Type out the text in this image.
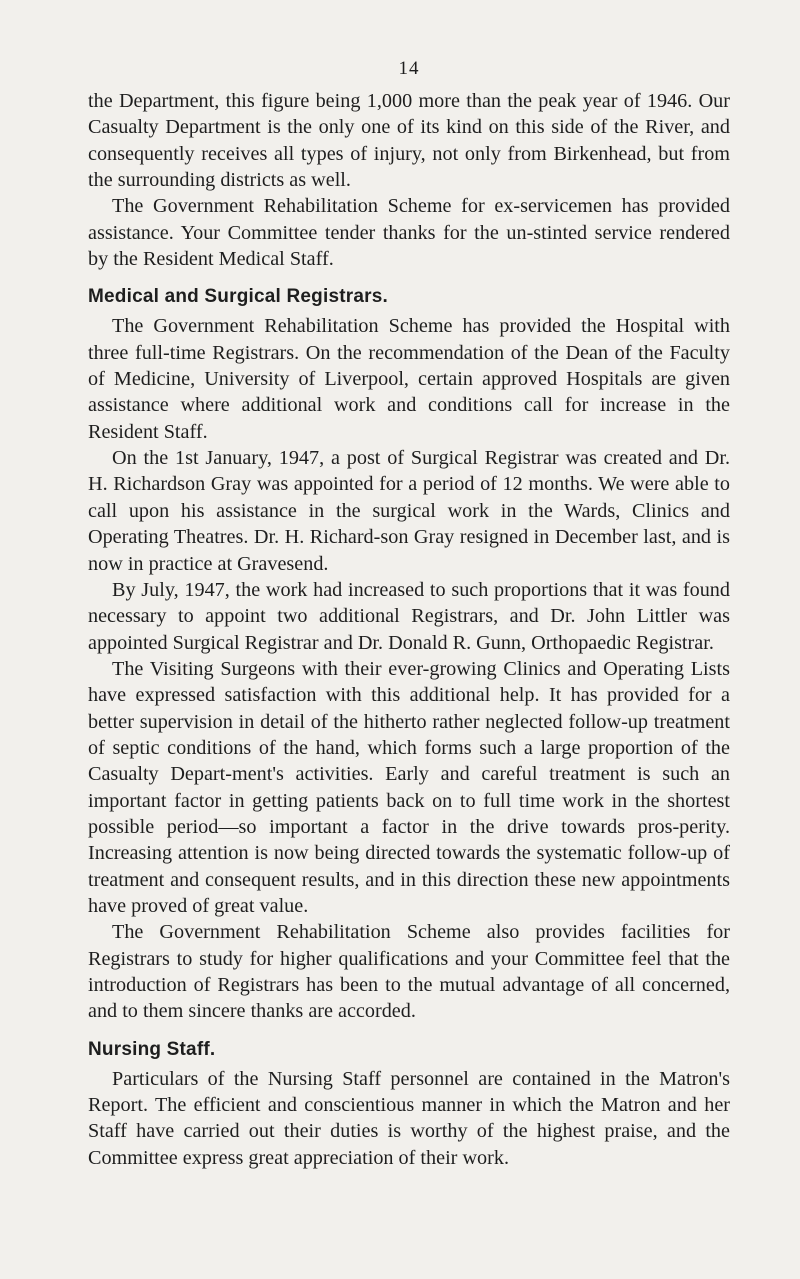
14

the Department, this figure being 1,000 more than the peak year of 1946. Our Casualty Department is the only one of its kind on this side of the River, and consequently receives all types of injury, not only from Birkenhead, but from the surrounding districts as well.

The Government Rehabilitation Scheme for ex-servicemen has provided assistance. Your Committee tender thanks for the un-stinted service rendered by the Resident Medical Staff.

Medical and Surgical Registrars.

The Government Rehabilitation Scheme has provided the Hospital with three full-time Registrars. On the recommendation of the Dean of the Faculty of Medicine, University of Liverpool, certain approved Hospitals are given assistance where additional work and conditions call for increase in the Resident Staff.

On the 1st January, 1947, a post of Surgical Registrar was created and Dr. H. Richardson Gray was appointed for a period of 12 months. We were able to call upon his assistance in the surgical work in the Wards, Clinics and Operating Theatres. Dr. H. Richard-son Gray resigned in December last, and is now in practice at Gravesend.

By July, 1947, the work had increased to such proportions that it was found necessary to appoint two additional Registrars, and Dr. John Littler was appointed Surgical Registrar and Dr. Donald R. Gunn, Orthopaedic Registrar.

The Visiting Surgeons with their ever-growing Clinics and Operating Lists have expressed satisfaction with this additional help. It has provided for a better supervision in detail of the hitherto rather neglected follow-up treatment of septic conditions of the hand, which forms such a large proportion of the Casualty Depart-ment's activities. Early and careful treatment is such an important factor in getting patients back on to full time work in the shortest possible period—so important a factor in the drive towards pros-perity. Increasing attention is now being directed towards the systematic follow-up of treatment and consequent results, and in this direction these new appointments have proved of great value.

The Government Rehabilitation Scheme also provides facilities for Registrars to study for higher qualifications and your Committee feel that the introduction of Registrars has been to the mutual advantage of all concerned, and to them sincere thanks are accorded.

Nursing Staff.

Particulars of the Nursing Staff personnel are contained in the Matron's Report. The efficient and conscientious manner in which the Matron and her Staff have carried out their duties is worthy of the highest praise, and the Committee express great appreciation of their work.
